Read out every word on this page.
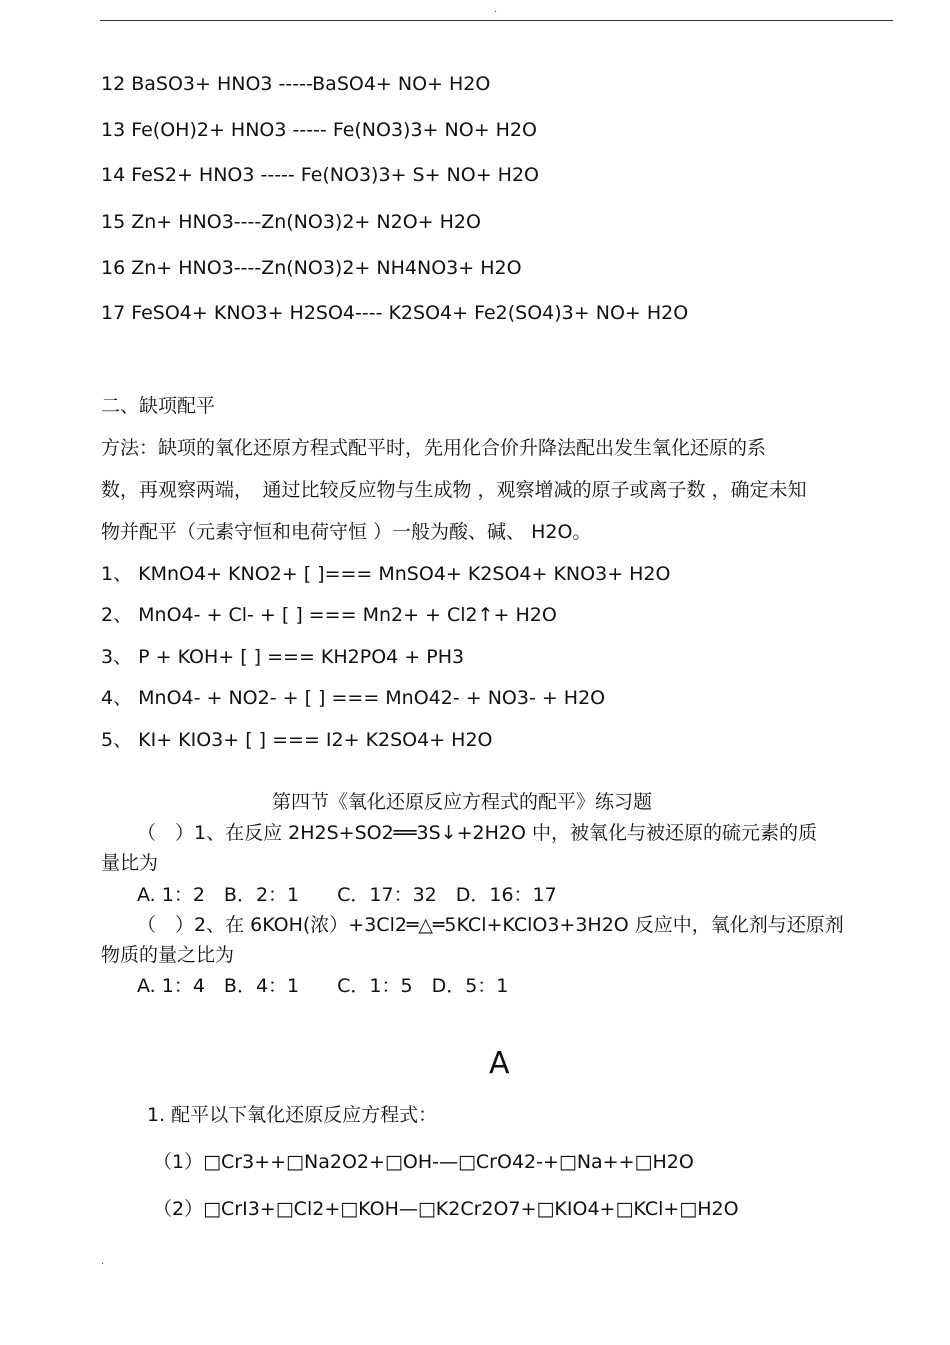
.
12 BaSO3+ HNO3 -----BaSO4+ NO+ H2O
13 Fe(OH)2+ HNO3 ----- Fe(NO3)3+ NO+ H2O
14 FeS2+ HNO3 ----- Fe(NO3)3+ S+ NO+ H2O
15 Zn+ HNO3----Zn(NO3)2+ N2O+ H2O
16 Zn+ HNO3----Zn(NO3)2+ NH4NO3+ H2O
17 FeSO4+ KNO3+ H2SO4---- K2SO4+ Fe2(SO4)3+ NO+ H2O
二、缺项配平
方法：缺项的氧化还原方程式配平时，先用化合价升降法配出发生氧化还原的系
数，再观察两端，　通过比较反应物与生成物 ，观察增减的原子或离子数 ，确定未知
物并配平（元素守恒和电荷守恒 ）一般为酸、碱、 H2O。
1、 KMnO4+ KNO2+ [ ]=== MnSO4+ K2SO4+ KNO3+ H2O
2、 MnO4- + Cl- + [ ] === Mn2+ + Cl2↑+ H2O
3、 P + KOH+ [ ] === KH2PO4 + PH3
4、 MnO4- + NO2- + [ ] === MnO42- + NO3- + H2O
5、 KI+ KIO3+ [ ] === I2+ K2SO4+ H2O
第四节《氧化还原反应方程式的配平》练习题
（　）1、在反应 2H2S+SO2══3S↓+2H2O 中，被氧化与被还原的硫元素的质
量比为
A. 1：2　B．2：1　　C．17：32　D．16：17
（　）2、在 6KOH(浓）+3Cl2═△═5KCl+KClO3+3H2O 反应中，氧化剂与还原剂
物质的量之比为
A. 1：4　B．4：1　　C．1：5　D．5：1
A
1. 配平以下氧化还原反应方程式：
（1）□Cr3++□Na2O2+□OH-—□CrO42-+□Na++□H2O
（2）□CrI3+□Cl2+□KOH—□K2Cr2O7+□KIO4+□KCl+□H2O
.
